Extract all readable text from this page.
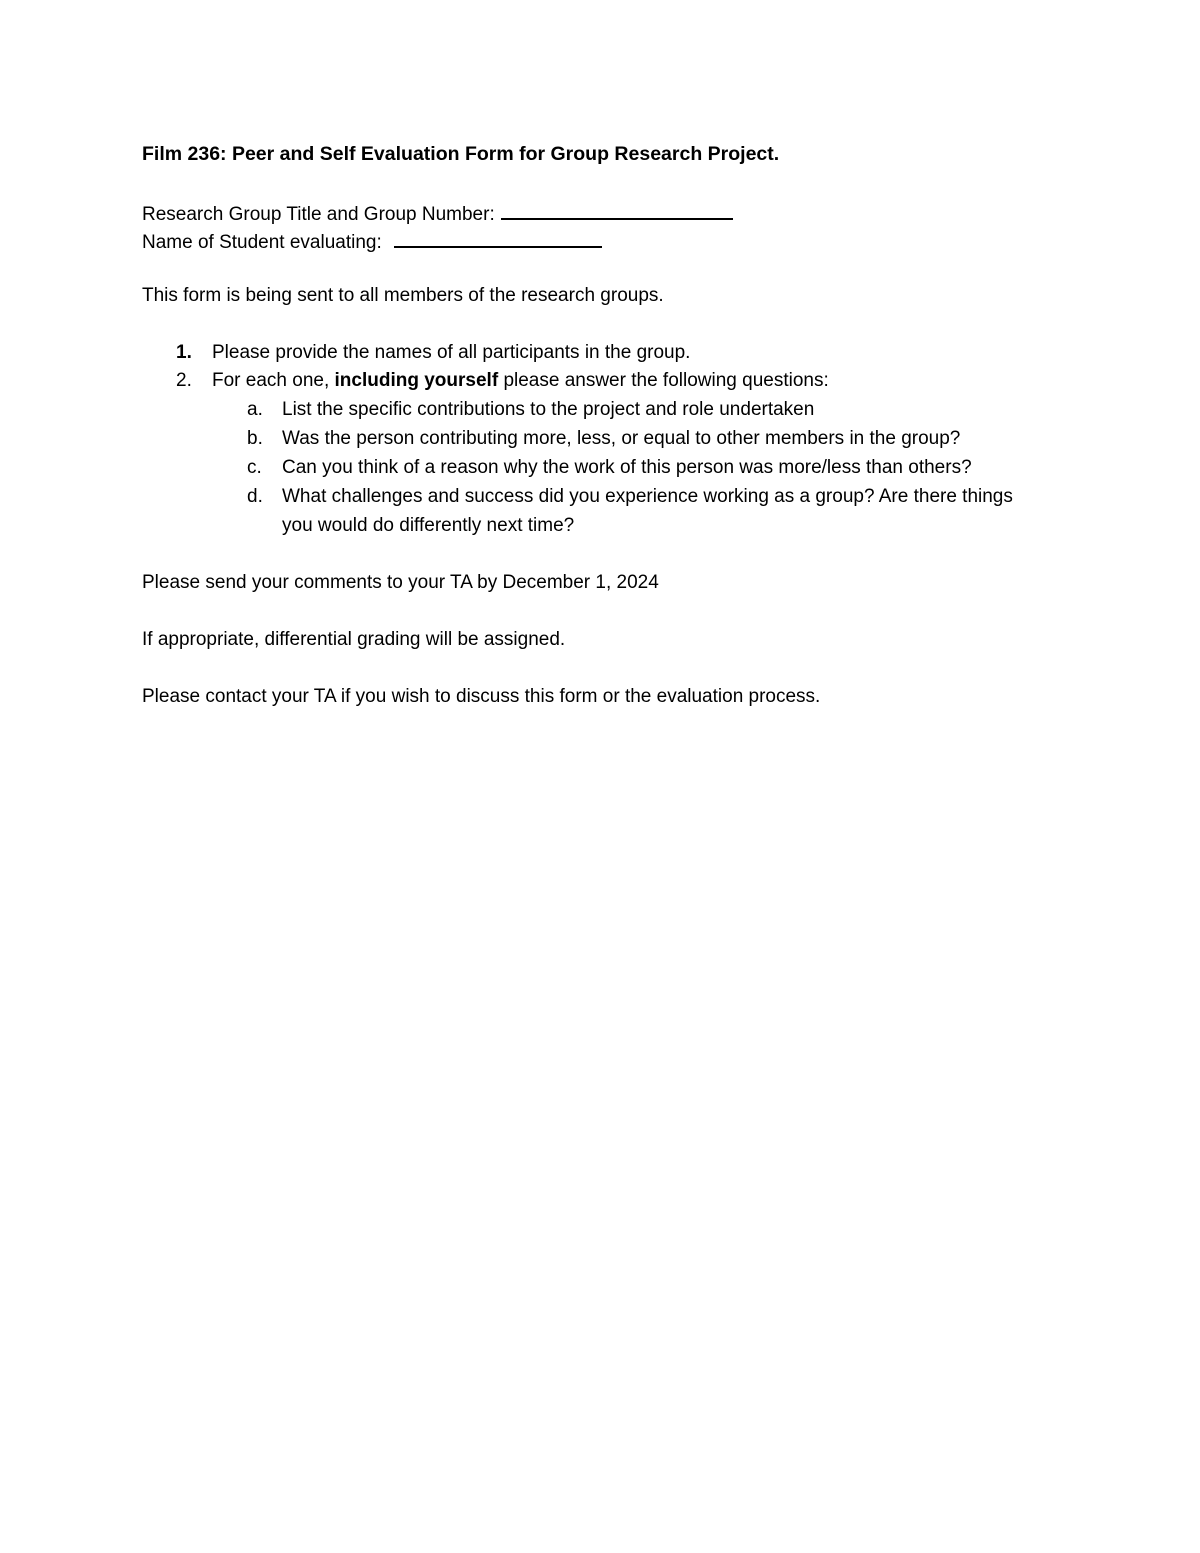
Film 236: Peer and Self Evaluation Form for Group Research Project.
Research Group Title and Group Number:
Name of Student evaluating:
This form is being sent to all members of the research groups.
1. Please provide the names of all participants in the group.
2. For each one, including yourself please answer the following questions:
a. List the specific contributions to the project and role undertaken
b. Was the person contributing more, less, or equal to other members in the group?
c. Can you think of a reason why the work of this person was more/less than others?
d. What challenges and success did you experience working as a group? Are there things you would do differently next time?
Please send your comments to your TA by December 1, 2024
If appropriate, differential grading will be assigned.
Please contact your TA if you wish to discuss this form or the evaluation process.
